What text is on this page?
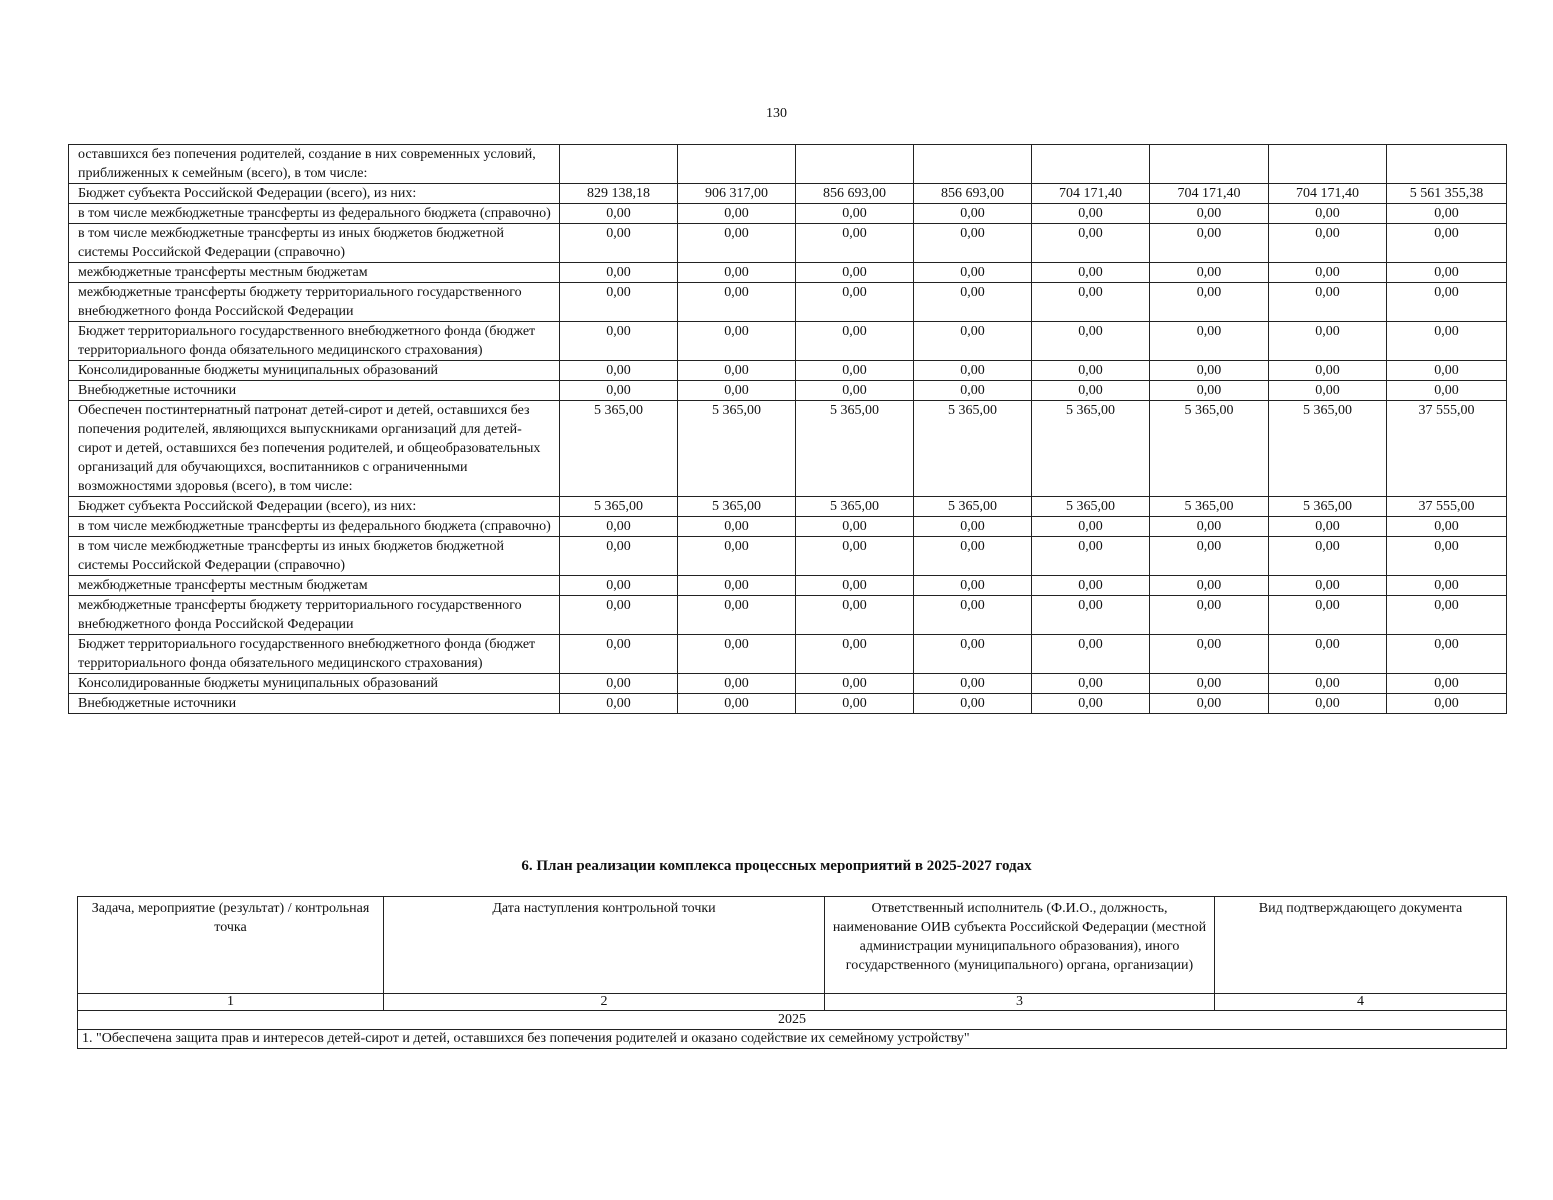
130
оставшихся без попечения родителей, создание в них современных условий, приближенных к семейным (всего), в том числе:								
Бюджет субъекта Российской Федерации (всего), из них:	829 138,18	906 317,00	856 693,00	856 693,00	704 171,40	704 171,40	704 171,40	5 561 355,38
в том числе межбюджетные трансферты из федерального бюджета (справочно)	0,00	0,00	0,00	0,00	0,00	0,00	0,00	0,00
в том числе межбюджетные трансферты из иных бюджетов бюджетной системы Российской Федерации (справочно)	0,00	0,00	0,00	0,00	0,00	0,00	0,00	0,00
межбюджетные трансферты местным бюджетам	0,00	0,00	0,00	0,00	0,00	0,00	0,00	0,00
межбюджетные трансферты бюджету территориального государственного внебюджетного фонда Российской Федерации	0,00	0,00	0,00	0,00	0,00	0,00	0,00	0,00
Бюджет территориального государственного внебюджетного фонда (бюджет территориального фонда обязательного медицинского страхования)	0,00	0,00	0,00	0,00	0,00	0,00	0,00	0,00
Консолидированные бюджеты муниципальных образований	0,00	0,00	0,00	0,00	0,00	0,00	0,00	0,00
Внебюджетные источники	0,00	0,00	0,00	0,00	0,00	0,00	0,00	0,00
Обеспечен постинтернатный патронат детей-сирот и детей, оставшихся без попечения родителей, являющихся выпускниками организаций для детей-сирот и детей, оставшихся без попечения родителей, и общеобразовательных организаций для обучающихся, воспитанников с ограниченными возможностями здоровья (всего), в том числе:	5 365,00	5 365,00	5 365,00	5 365,00	5 365,00	5 365,00	5 365,00	37 555,00
Бюджет субъекта Российской Федерации (всего), из них:	5 365,00	5 365,00	5 365,00	5 365,00	5 365,00	5 365,00	5 365,00	37 555,00
в том числе межбюджетные трансферты из федерального бюджета (справочно)	0,00	0,00	0,00	0,00	0,00	0,00	0,00	0,00
в том числе межбюджетные трансферты из иных бюджетов бюджетной системы Российской Федерации (справочно)	0,00	0,00	0,00	0,00	0,00	0,00	0,00	0,00
межбюджетные трансферты местным бюджетам	0,00	0,00	0,00	0,00	0,00	0,00	0,00	0,00
межбюджетные трансферты бюджету территориального государственного внебюджетного фонда Российской Федерации	0,00	0,00	0,00	0,00	0,00	0,00	0,00	0,00
Бюджет территориального государственного внебюджетного фонда (бюджет территориального фонда обязательного медицинского страхования)	0,00	0,00	0,00	0,00	0,00	0,00	0,00	0,00
Консолидированные бюджеты муниципальных образований	0,00	0,00	0,00	0,00	0,00	0,00	0,00	0,00
Внебюджетные источники	0,00	0,00	0,00	0,00	0,00	0,00	0,00	0,00
6. План реализации комплекса процессных мероприятий в 2025-2027 годах
Задача, мероприятие (результат) / контрольная точка	Дата наступления контрольной точки	Ответственный исполнитель (Ф.И.О., должность, наименование ОИВ субъекта Российской Федерации (местной администрации муниципального образования), иного государственного (муниципального) органа, организации)	Вид подтверждающего документа
1	2	3	4
2025			
1. "Обеспечена защита прав и интересов детей-сирот и детей, оставшихся без попечения родителей и оказано содействие их семейному устройству"			
